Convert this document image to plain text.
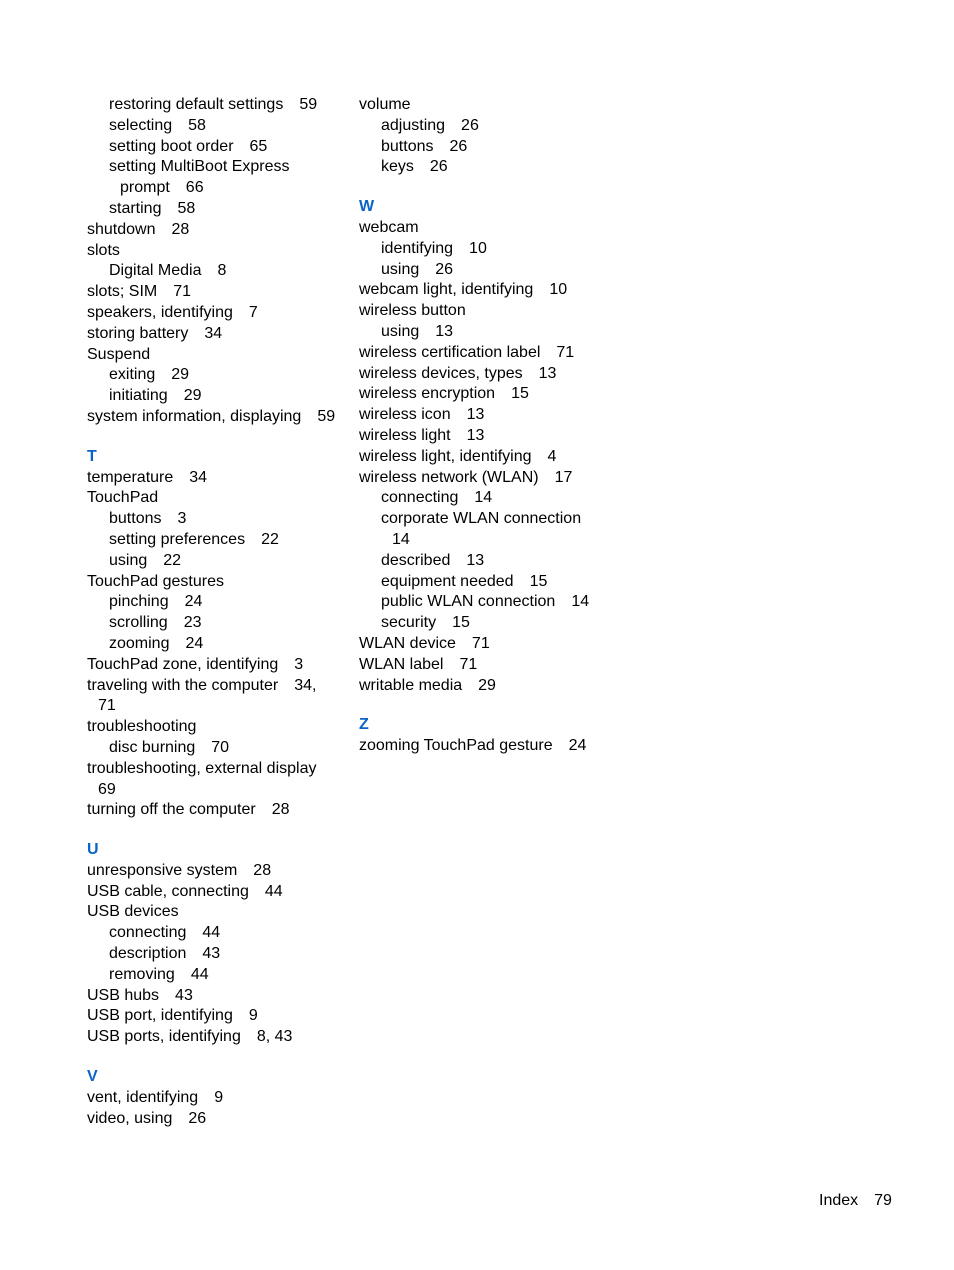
restoring default settings 59
selecting 58
setting boot order 65
setting MultiBoot Express
prompt 66
starting 58
shutdown 28
slots
Digital Media 8
slots; SIM 71
speakers, identifying 7
storing battery 34
Suspend
exiting 29
initiating 29
system information, displaying 59
T
temperature 34
TouchPad
buttons 3
setting preferences 22
using 22
TouchPad gestures
pinching 24
scrolling 23
zooming 24
TouchPad zone, identifying 3
traveling with the computer 34,
71
troubleshooting
disc burning 70
troubleshooting, external display
69
turning off the computer 28
U
unresponsive system 28
USB cable, connecting 44
USB devices
connecting 44
description 43
removing 44
USB hubs 43
USB port, identifying 9
USB ports, identifying 8, 43
V
vent, identifying 9
video, using 26
volume
adjusting 26
buttons 26
keys 26
W
webcam
identifying 10
using 26
webcam light, identifying 10
wireless button
using 13
wireless certification label 71
wireless devices, types 13
wireless encryption 15
wireless icon 13
wireless light 13
wireless light, identifying 4
wireless network (WLAN) 17
connecting 14
corporate WLAN connection
14
described 13
equipment needed 15
public WLAN connection 14
security 15
WLAN device 71
WLAN label 71
writable media 29
Z
zooming TouchPad gesture 24
Index 79
